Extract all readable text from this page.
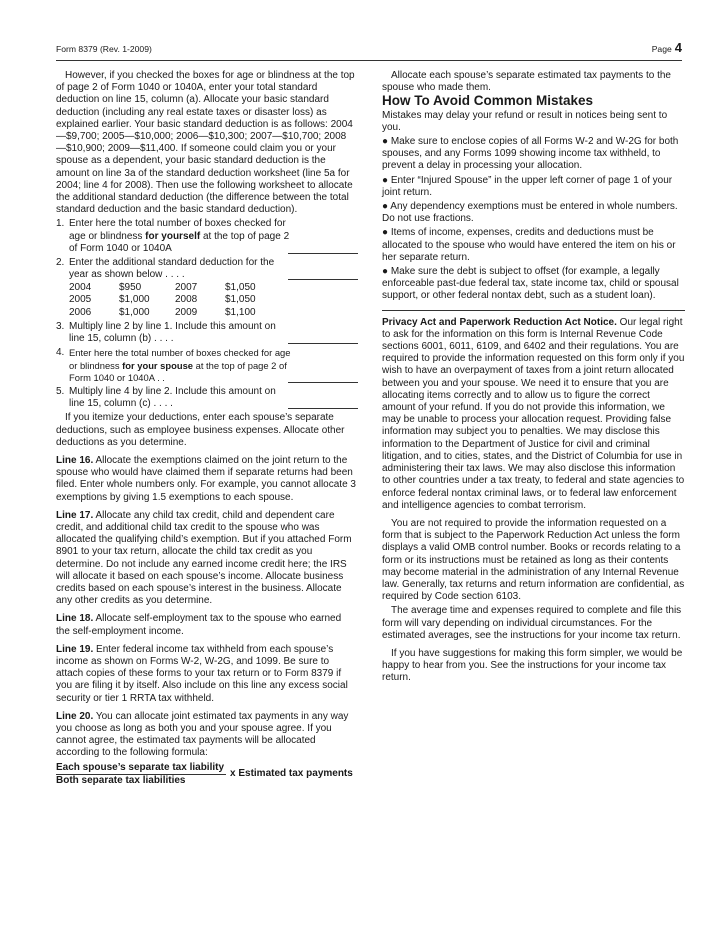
Form 8379 (Rev. 1-2009)	Page 4

However, if you checked the boxes for age or blindness at the top of page 2 of Form 1040 or 1040A, enter your total standard deduction on line 15, column (a). Allocate your basic standard deduction (including any real estate taxes or disaster loss) as explained earlier. Your basic standard deduction is as follows: 2004—$9,700; 2005—$10,000; 2006—$10,300; 2007—$10,700; 2008—$10,900; 2009—$11,400. If someone could claim you or your spouse as a dependent, your basic standard deduction is the amount on line 3a of the standard deduction worksheet (line 5a for 2004; line 4 for 2008). Then use the following worksheet to allocate the additional standard deduction (the difference between the total standard deduction and the basic standard deduction).

1. Enter here the total number of boxes checked for age or blindness for yourself at the top of page 2 of Form 1040 or 1040A
2. Enter the additional standard deduction for the year as shown below . . . .
2004	$950	2007	$1,050
2005	$1,000	2008	$1,050
2006	$1,000	2009	$1,100
3. Multiply line 2 by line 1. Include this amount on line 15, column (b) . . . .
4. Enter here the total number of boxes checked for age or blindness for your spouse at the top of page 2 of Form 1040 or 1040A . .
5. Multiply line 4 by line 2. Include this amount on line 15, column (c) . . . .

If you itemize your deductions, enter each spouse’s separate deductions, such as employee business expenses. Allocate other deductions as you determine.

Line 16. Allocate the exemptions claimed on the joint return to the spouse who would have claimed them if separate returns had been filed. Enter whole numbers only. For example, you cannot allocate 3 exemptions by giving 1.5 exemptions to each spouse.

Line 17. Allocate any child tax credit, child and dependent care credit, and additional child tax credit to the spouse who was allocated the qualifying child’s exemption. But if you attached Form 8901 to your tax return, allocate the child tax credit as you determine. Do not include any earned income credit here; the IRS will allocate it based on each spouse’s income. Allocate business credits based on each spouse’s interest in the business. Allocate any other credits as you determine.

Line 18. Allocate self-employment tax to the spouse who earned the self-employment income.

Line 19. Enter federal income tax withheld from each spouse’s income as shown on Forms W-2, W-2G, and 1099. Be sure to attach copies of these forms to your tax return or to Form 8379 if you are filing it by itself. Also include on this line any excess social security or tier 1 RRTA tax withheld.

Line 20. You can allocate joint estimated tax payments in any way you choose as long as both you and your spouse agree. If you cannot agree, the estimated tax payments will be allocated according to the following formula:

Each spouse’s separate tax liability
Both separate tax liabilities
x Estimated tax payments

Allocate each spouse’s separate estimated tax payments to the spouse who made them.

How To Avoid Common Mistakes

Mistakes may delay your refund or result in notices being sent to you.

● Make sure to enclose copies of all Forms W-2 and W-2G for both spouses, and any Forms 1099 showing income tax withheld, to prevent a delay in processing your allocation.

● Enter “Injured Spouse” in the upper left corner of page 1 of your joint return.

● Any dependency exemptions must be entered in whole numbers. Do not use fractions.

● Items of income, expenses, credits and deductions must be allocated to the spouse who would have entered the item on his or her separate return.

● Make sure the debt is subject to offset (for example, a legally enforceable past-due federal tax, state income tax, child or spousal support, or other federal nontax debt, such as a student loan).

Privacy Act and Paperwork Reduction Act Notice. Our legal right to ask for the information on this form is Internal Revenue Code sections 6001, 6011, 6109, and 6402 and their regulations. You are required to provide the information requested on this form only if you wish to have an overpayment of taxes from a joint return allocated between you and your spouse. We need it to ensure that you are allocating items correctly and to allow us to figure the correct amount of your refund. If you do not provide this information, we may be unable to process your allocation request. Providing false information may subject you to penalties. We may disclose this information to the Department of Justice for civil and criminal litigation, and to cities, states, and the District of Columbia for use in administering their tax laws. We may also disclose this information to other countries under a tax treaty, to federal and state agencies to enforce federal nontax criminal laws, or to federal law enforcement and intelligence agencies to combat terrorism.

You are not required to provide the information requested on a form that is subject to the Paperwork Reduction Act unless the form displays a valid OMB control number. Books or records relating to a form or its instructions must be retained as long as their contents may become material in the administration of any Internal Revenue law. Generally, tax returns and return information are confidential, as required by Code section 6103.

The average time and expenses required to complete and file this form will vary depending on individual circumstances. For the estimated averages, see the instructions for your income tax return.

If you have suggestions for making this form simpler, we would be happy to hear from you. See the instructions for your income tax return.
